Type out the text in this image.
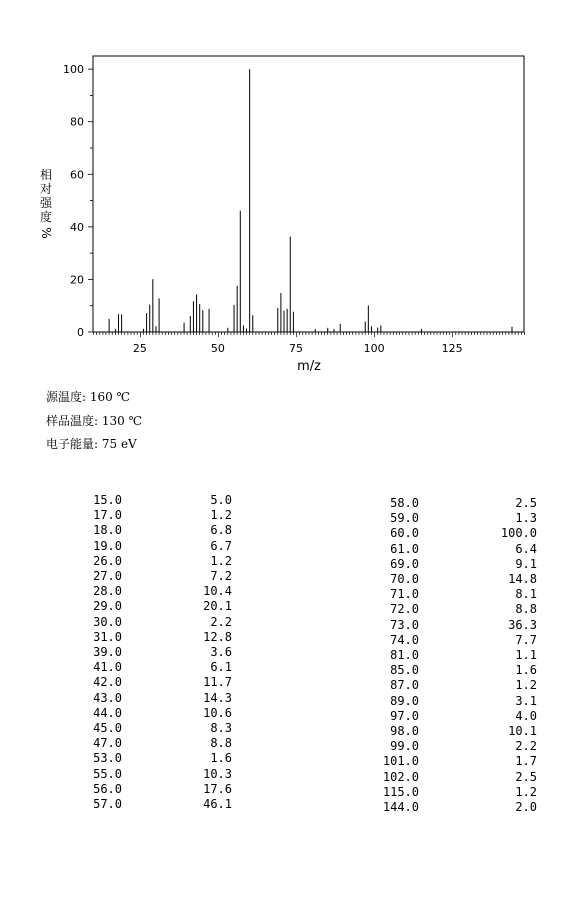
25	50	75	100	125
0
20
40
60
80
100
m/z
相对强度
%
源温度: 160 ℃
样品温度: 130 ℃
电子能量: 75 eV
15.0	5.0
17.0	1.2
18.0	6.8
19.0	6.7
26.0	1.2
27.0	7.2
28.0	10.4
29.0	20.1
30.0	2.2
31.0	12.8
39.0	3.6
41.0	6.1
42.0	11.7
43.0	14.3
44.0	10.6
45.0	8.3
47.0	8.8
53.0	1.6
55.0	10.3
56.0	17.6
57.0	46.1
58.0	2.5
59.0	1.3
60.0	100.0
61.0	6.4
69.0	9.1
70.0	14.8
71.0	8.1
72.0	8.8
73.0	36.3
74.0	7.7
81.0	1.1
85.0	1.6
87.0	1.2
89.0	3.1
97.0	4.0
98.0	10.1
99.0	2.2
101.0	1.7
102.0	2.5
115.0	1.2
144.0	2.0
